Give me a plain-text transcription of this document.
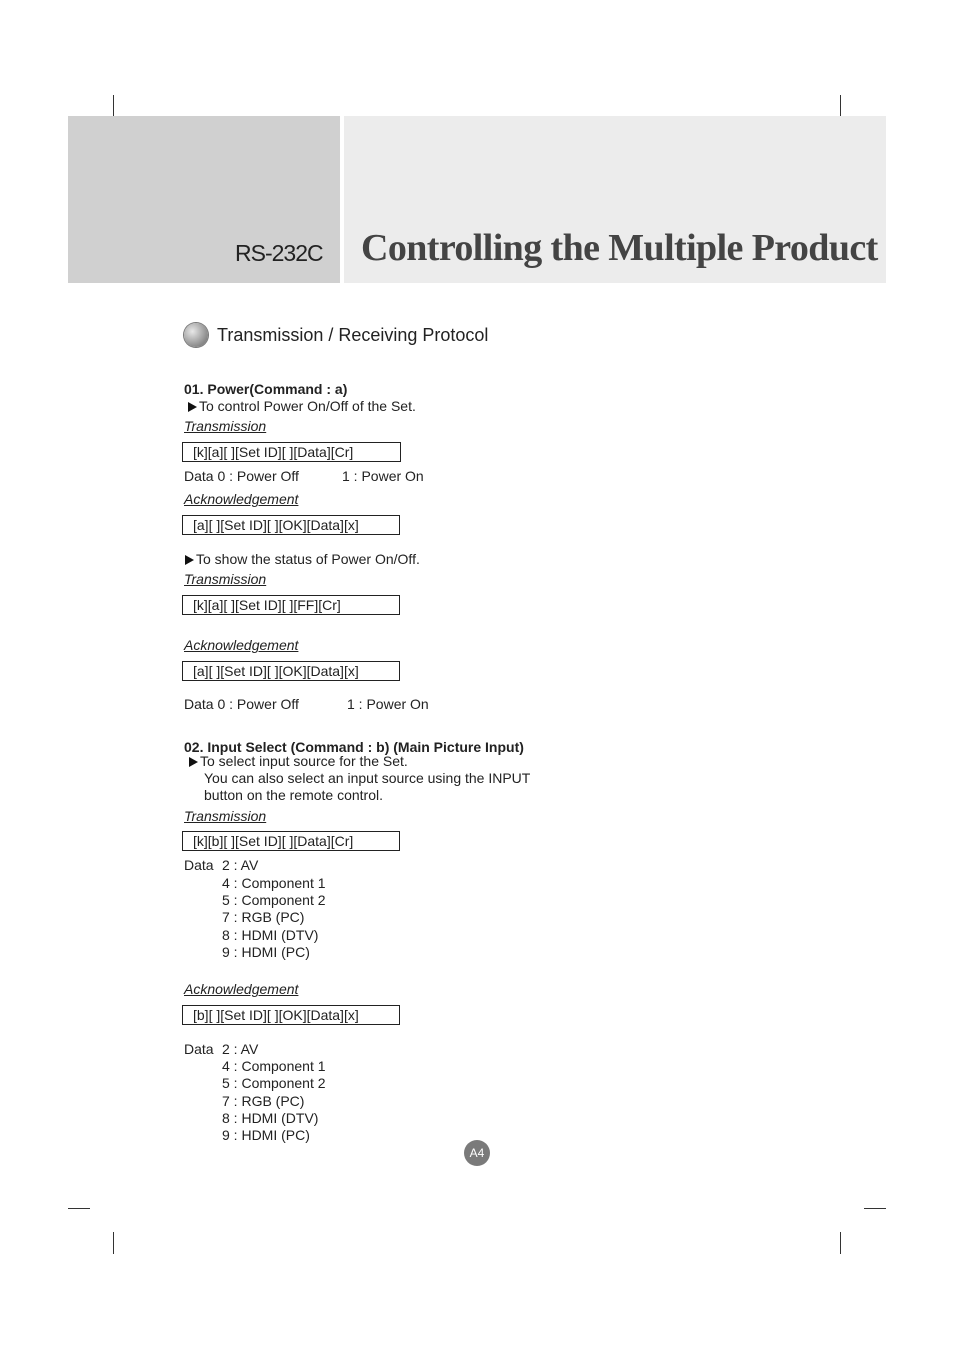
RS-232C Controlling the Multiple Product
Transmission / Receiving Protocol
01. Power(Command : a)
To control Power On/Off of the Set.
Transmission
[k][a][ ][Set ID][ ][Data][Cr]
Data 0 : Power Off	1 : Power On
Acknowledgement
[a][ ][Set ID][ ][OK][Data][x]
To show the status of Power On/Off.
Transmission
[k][a][ ][Set ID][ ][FF][Cr]
Acknowledgement
[a][ ][Set ID][ ][OK][Data][x]
Data 0 : Power Off	1 : Power On
02. Input Select (Command : b) (Main Picture Input)
To select input source for the Set.
You can also select an input source using the INPUT
button on the remote control.
Transmission
[k][b][ ][Set ID][ ][Data][Cr]
Data 2 : AV
4 : Component 1
5 : Component 2
7 : RGB (PC)
8 : HDMI (DTV)
9 : HDMI (PC)
Acknowledgement
[b][ ][Set ID][ ][OK][Data][x]
Data 2 : AV
4 : Component 1
5 : Component 2
7 : RGB (PC)
8 : HDMI (DTV)
9 : HDMI (PC)
A4
